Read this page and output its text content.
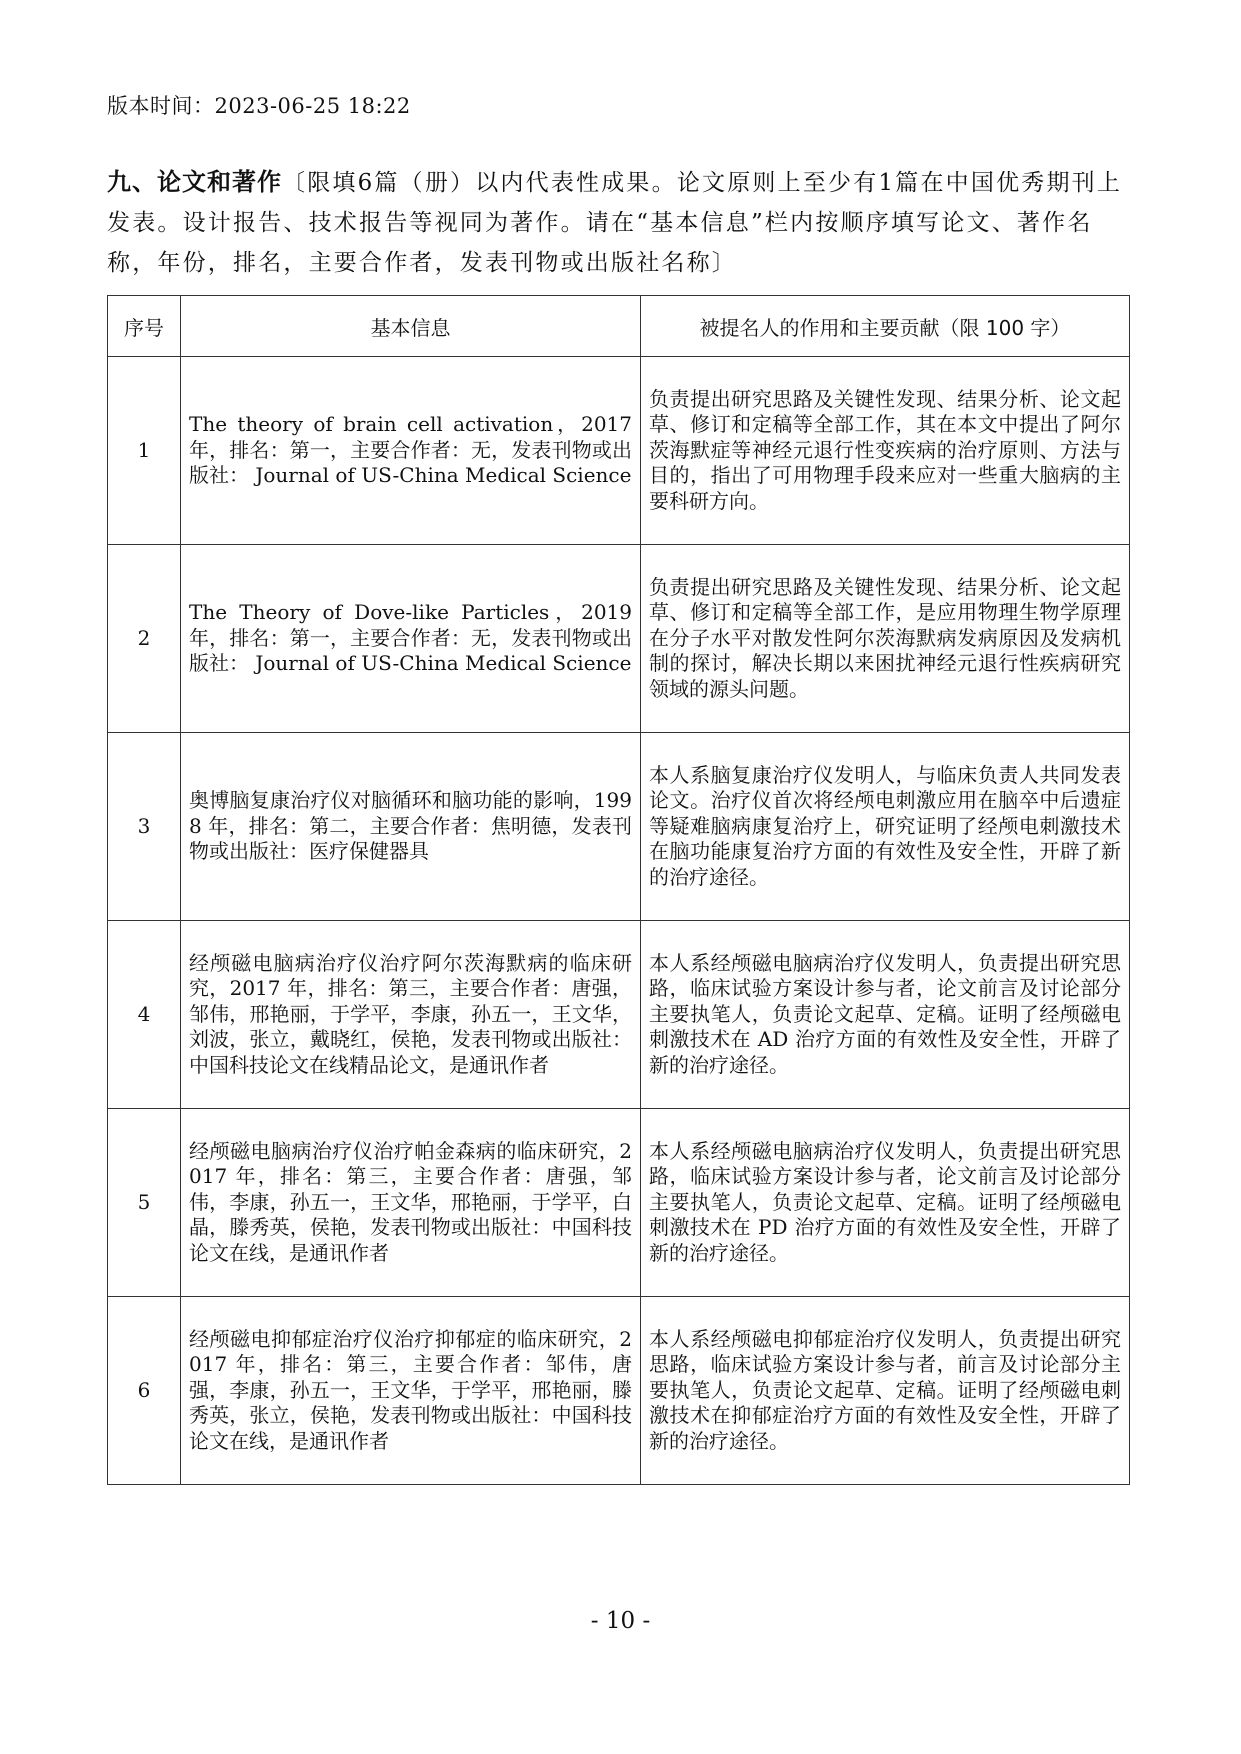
版本时间：2023-06-25 18:22
九、论文和著作〔限填6篇（册）以内代表性成果。论文原则上至少有1篇在中国优秀期刊上发表。设计报告、技术报告等视同为著作。请在“基本信息”栏内按顺序填写论文、著作名称，年份，排名，主要合作者，发表刊物或出版社名称〕
序号	基本信息	被提名人的作用和主要贡献（限 100 字）
1	The theory of brain cell activation，2017年，排名：第一，主要合作者：无，发表刊物或出版社： Journal of US-China Medical Science	负责提出研究思路及关键性发现、结果分析、论文起草、修订和定稿等全部工作，其在本文中提出了阿尔茨海默症等神经元退行性变疾病的治疗原则、方法与目的，指出了可用物理手段来应对一些重大脑病的主要科研方向。
2	The Theory of Dove-like Particles，2019年，排名：第一，主要合作者：无，发表刊物或出版社： Journal of US-China Medical Science	负责提出研究思路及关键性发现、结果分析、论文起草、修订和定稿等全部工作，是应用物理生物学原理在分子水平对散发性阿尔茨海默病发病原因及发病机制的探讨，解决长期以来困扰神经元退行性疾病研究领域的源头问题。
3	奥博脑复康治疗仪对脑循环和脑功能的影响，1998 年，排名：第二，主要合作者：焦明德，发表刊物或出版社：医疗保健器具	本人系脑复康治疗仪发明人，与临床负责人共同发表论文。治疗仪首次将经颅电刺激应用在脑卒中后遗症等疑难脑病康复治疗上，研究证明了经颅电刺激技术在脑功能康复治疗方面的有效性及安全性，开辟了新的治疗途径。
4	经颅磁电脑病治疗仪治疗阿尔茨海默病的临床研究，2017 年，排名：第三，主要合作者：唐强，邹伟，邢艳丽，于学平，李康，孙五一，王文华，刘波，张立，戴晓红，侯艳，发表刊物或出版社：中国科技论文在线精品论文，是通讯作者	本人系经颅磁电脑病治疗仪发明人，负责提出研究思路，临床试验方案设计参与者，论文前言及讨论部分主要执笔人，负责论文起草、定稿。证明了经颅磁电刺激技术在 AD 治疗方面的有效性及安全性，开辟了新的治疗途径。
5	经颅磁电脑病治疗仪治疗帕金森病的临床研究，2017 年，排名：第三，主要合作者：唐强，邹伟，李康，孙五一，王文华，邢艳丽，于学平，白晶，滕秀英，侯艳，发表刊物或出版社：中国科技论文在线，是通讯作者	本人系经颅磁电脑病治疗仪发明人，负责提出研究思路，临床试验方案设计参与者，论文前言及讨论部分主要执笔人，负责论文起草、定稿。证明了经颅磁电刺激技术在 PD 治疗方面的有效性及安全性，开辟了新的治疗途径。
6	经颅磁电抑郁症治疗仪治疗抑郁症的临床研究，2017 年，排名：第三，主要合作者：邹伟，唐强，李康，孙五一，王文华，于学平，邢艳丽，滕秀英，张立，侯艳，发表刊物或出版社：中国科技论文在线，是通讯作者	本人系经颅磁电抑郁症治疗仪发明人，负责提出研究思路，临床试验方案设计参与者，前言及讨论部分主要执笔人，负责论文起草、定稿。证明了经颅磁电刺激技术在抑郁症治疗方面的有效性及安全性，开辟了新的治疗途径。
- 10 -
